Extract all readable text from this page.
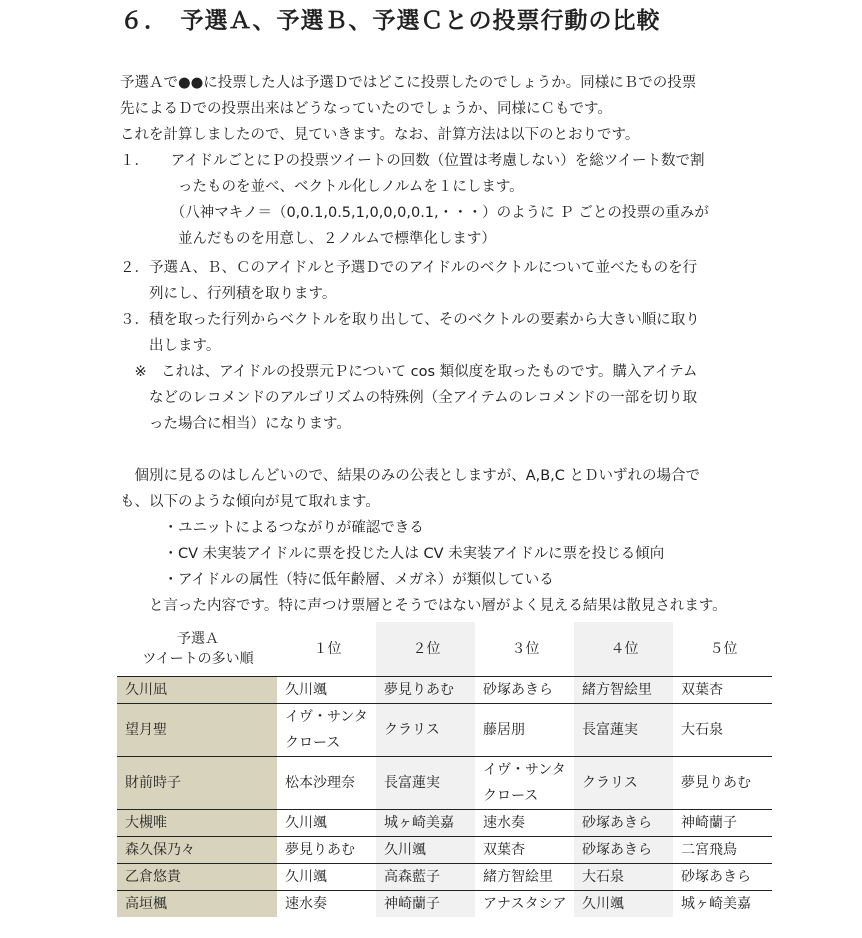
６．　予選Ａ、予選Ｂ、予選Ｃとの投票行動の比較
予選Ａで●●に投票した人は予選Ｄではどこに投票したのでしょうか。同様にＢでの投票
先によるＤでの投票出来はどうなっていたのでしょうか、同様にＣもです。
これを計算しましたので、見ていきます。なお、計算方法は以下のとおりです。
１．　　アイドルごとにＰの投票ツイートの回数（位置は考慮しない）を総ツイート数で割
　　　　ったものを並べ、ベクトル化しノルムを１にします。
　　　　（八神マキノ＝（0,0.1,0.5,1,0,0,0,0.1,・・・）のように Ｐ ごとの投票の重みが
　　　　並んだものを用意し、２ノルムで標準化します）
２．予選Ａ、Ｂ、Ｃのアイドルと予選Ｄでのアイドルのベクトルについて並べたものを行
　　列にし、行列積を取ります。
３．積を取った行列からベクトルを取り出して、そのベクトルの要素から大きい順に取り
　　出します。
　※　これは、アイドルの投票元Ｐについて cos 類似度を取ったものです。購入アイテム
　　などのレコメンドのアルゴリズムの特殊例（全アイテムのレコメンドの一部を切り取
　　った場合に相当）になります。
　個別に見るのはしんどいので、結果のみの公表としますが、A,B,C とＤいずれの場合で
も、以下のような傾向が見て取れます。
　　　・ユニットによるつながりが確認できる
　　　・CV 未実装アイドルに票を投じた人は CV 未実装アイドルに票を投じる傾向
　　　・アイドルの属性（特に低年齢層、メガネ）が類似している
　　と言った内容です。特に声つけ票層とそうではない層がよく見える結果は散見されます。
予選Ａ
ツイートの多い順	１位	２位	３位	４位	５位
久川凪	久川颯	夢見りあむ	砂塚あきら	緒方智絵里	双葉杏
望月聖	イヴ・サンタクロース	クラリス	藤居朋	長富蓮実	大石泉
財前時子	松本沙理奈	長富蓮実	イヴ・サンタクロース	クラリス	夢見りあむ
大槻唯	久川颯	城ヶ崎美嘉	速水奏	砂塚あきら	神崎蘭子
森久保乃々	夢見りあむ	久川颯	双葉杏	砂塚あきら	二宮飛鳥
乙倉悠貴	久川颯	高森藍子	緒方智絵里	大石泉	砂塚あきら
高垣楓	速水奏	神崎蘭子	アナスタシア	久川颯	城ヶ崎美嘉
